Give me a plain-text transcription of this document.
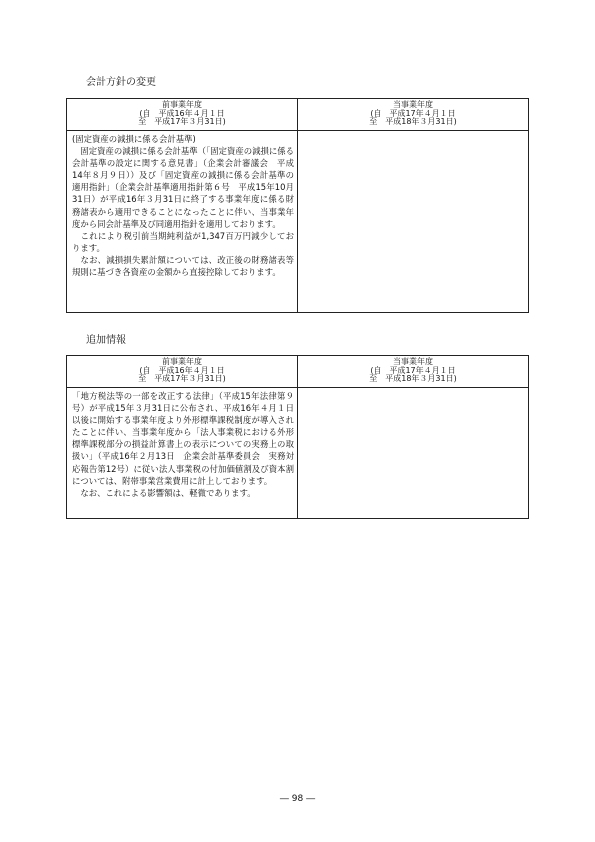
会計方針の変更
前事業年度
(自　平成16年４月１日
至　平成17年３月31日)	当事業年度
(自　平成17年４月１日
至　平成18年３月31日)

(固定資産の減損に係る会計基準)
　固定資産の減損に係る会計基準（「固定資産の減損に係る会計基準の設定に関する意見書」（企業会計審議会　平成14年８月９日））及び「固定資産の減損に係る会計基準の適用指針」（企業会計基準適用指針第６号　平成15年10月31日）が平成16年３月31日に終了する事業年度に係る財務諸表から適用できることになったことに伴い、当事業年度から同会計基準及び同適用指針を適用しております。
　これにより税引前当期純利益が1,347百万円減少しております。
　なお、減損損失累計額については、改正後の財務諸表等規則に基づき各資産の金額から直接控除しております。	

追加情報
前事業年度
(自　平成16年４月１日
至　平成17年３月31日)	当事業年度
(自　平成17年４月１日
至　平成18年３月31日)

「地方税法等の一部を改正する法律」（平成15年法律第９号）が平成15年３月31日に公布され、平成16年４月１日以後に開始する事業年度より外形標準課税制度が導入されたことに伴い、当事業年度から「法人事業税における外形標準課税部分の損益計算書上の表示についての実務上の取扱い」（平成16年２月13日　企業会計基準委員会　実務対応報告第12号）に従い法人事業税の付加価値割及び資本割については、附帯事業営業費用に計上しております。
　なお、これによる影響額は、軽微であります。	

― 98 ―
